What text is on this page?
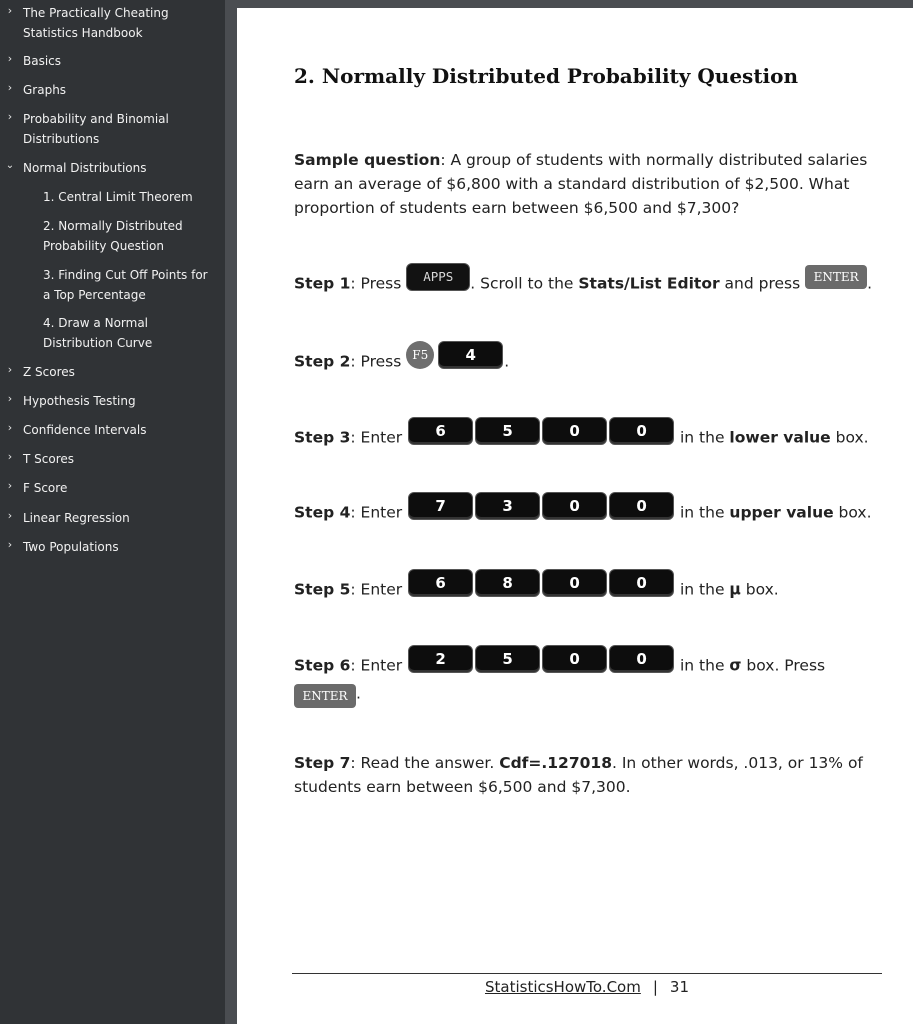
› The Practically Cheating Statistics Handbook
› Basics
› Graphs
› Probability and Binomial Distributions
⌄ Normal Distributions
1. Central Limit Theorem
2. Normally Distributed Probability Question
3. Finding Cut Off Points for a Top Percentage
4. Draw a Normal Distribution Curve
› Z Scores
› Hypothesis Testing
› Confidence Intervals
› T Scores
› F Score
› Linear Regression
› Two Populations
2. Normally Distributed Probability Question

Sample question: A group of students with normally distributed salaries earn an average of $6,800 with a standard distribution of $2,500. What proportion of students earn between $6,500 and $7,300?

Step 1: Press APPS . Scroll to the Stats/List Editor and press ENTER .

Step 2: Press F5 4 .

Step 3: Enter 6	5	0	0 in the lower value box.

Step 4: Enter 7	3	0	0 in the upper value box.

Step 5: Enter 6	8	0	0 in the μ box.

Step 6: Enter 2	5	0	0 in the σ box. Press
ENTER .

Step 7: Read the answer. Cdf=.127018. In other words, .013, or 13% of students earn between $6,500 and $7,300.

StatisticsHowTo.Com | 31
